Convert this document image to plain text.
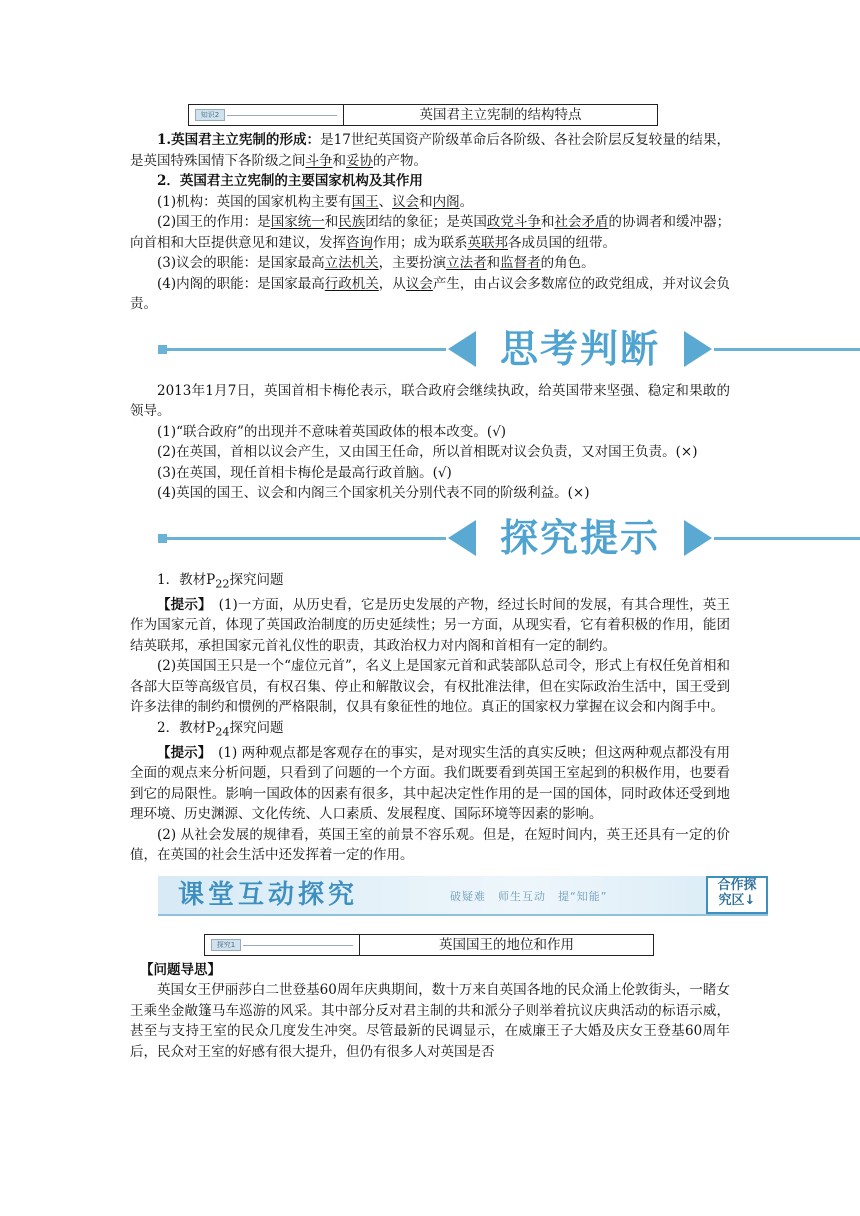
知识2	英国君主立宪制的结构特点

1.英国君主立宪制的形成：是17世纪英国资产阶级革命后各阶级、各社会阶层反复较量的结果，是英国特殊国情下各阶级之间斗争和妥协的产物。

2．英国君主立宪制的主要国家机构及其作用

(1)机构：英国的国家机构主要有国王、议会和内阁。

(2)国王的作用：是国家统一和民族团结的象征；是英国政党斗争和社会矛盾的协调者和缓冲器；向首相和大臣提供意见和建议，发挥咨询作用；成为联系英联邦各成员国的纽带。

(3)议会的职能：是国家最高立法机关，主要扮演立法者和监督者的角色。

(4)内阁的职能：是国家最高行政机关，从议会产生，由占议会多数席位的政党组成，并对议会负责。

思考判断

2013年1月7日，英国首相卡梅伦表示，联合政府会继续执政，给英国带来坚强、稳定和果敢的领导。

(1)“联合政府”的出现并不意味着英国政体的根本改变。(√)

(2)在英国，首相以议会产生，又由国王任命，所以首相既对议会负责，又对国王负责。(×)

(3)在英国，现任首相卡梅伦是最高行政首脑。(√)

(4)英国的国王、议会和内阁三个国家机关分别代表不同的阶级利益。(×)

探究提示

1．教材$P_{22}$探究问题

【提示】　 (1)一方面，从历史看，它是历史发展的产物，经过长时间的发展，有其合理性，英王作为国家元首，体现了英国政治制度的历史延续性；另一方面，从现实看，它有着积极的作用，能团结英联邦，承担国家元首礼仪性的职责，其政治权力对内阁和首相有一定的制约。

(2)英国国王只是一个“虚位元首”，名义上是国家元首和武装部队总司令，形式上有权任免首相和各部大臣等高级官员，有权召集、停止和解散议会，有权批准法律，但在实际政治生活中，国王受到许多法律的制约和惯例的严格限制，仅具有象征性的地位。真正的国家权力掌握在议会和内阁手中。

2．教材$P_{24}$探究问题

【提示】　 (1) 两种观点都是客观存在的事实，是对现实生活的真实反映；但这两种观点都没有用全面的观点来分析问题，只看到了问题的一个方面。我们既要看到英国王室起到的积极作用，也要看到它的局限性。影响一国政体的因素有很多，其中起决定性作用的是一国的国体，同时政体还受到地理环境、历史渊源、文化传统、人口素质、发展程度、国际环境等因素的影响。

(2) 从社会发展的规律看，英国王室的前景不容乐观。但是，在短时间内，英王还具有一定的价值，在英国的社会生活中还发挥着一定的作用。

课堂互动探究	破疑难　师生互动　提“知能”
合作探
究区↓
探究1	英国国王的地位和作用

【问题导思】

英国女王伊丽莎白二世登基60周年庆典期间，数十万来自英国各地的民众涌上伦敦街头，一睹女王乘坐金敞篷马车巡游的风采。其中部分反对君主制的共和派分子则举着抗议庆典活动的标语示威，甚至与支持王室的民众几度发生冲突。尽管最新的民调显示，在威廉王子大婚及庆女王登基60周年后，民众对王室的好感有很大提升，但仍有很多人对英国是否
